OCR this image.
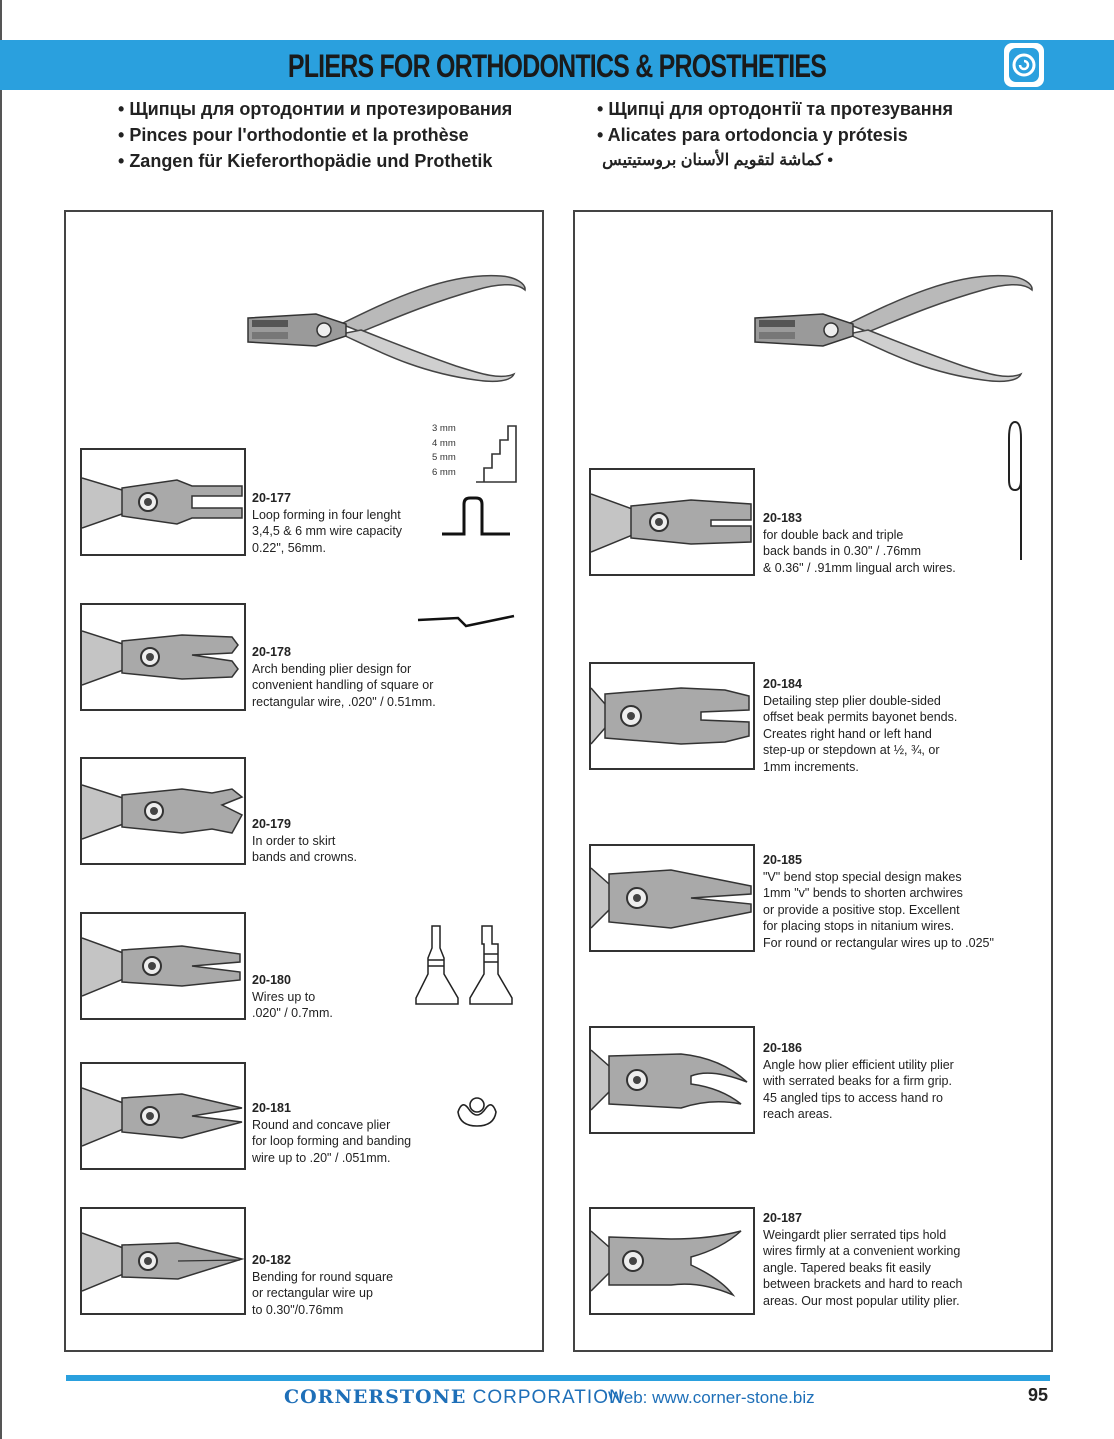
PLIERS FOR ORTHODONTICS & PROSTHETIES
• Щипцы для ортодонтии и протезирования
• Pinces pour l'orthodontie et la prothèse
• Zangen für Kieferorthopädie und Prothetik
• Щипці для ортодонтії та протезування
• Alicates para ortodoncia y prótesis
• كماشة لتقويم الأسنان بروستيتيس
3 mm
4 mm
5 mm
6 mm
20-177
Loop forming in four lenght
3,4,5 & 6 mm wire capacity
0.22", 56mm.
20-178
Arch bending plier design for
convenient handling of square or
rectangular wire, .020" / 0.51mm.
20-179
In order to skirt
bands and crowns.
20-180
Wires up to
.020" / 0.7mm.
20-181
Round and concave plier
for loop forming and banding
wire up to .20" / .051mm.
20-182
Bending for round square
or rectangular wire up
to 0.30"/0.76mm
20-183
for double back and triple
back bands in 0.30" / .76mm
& 0.36" / .91mm lingual arch wires.
20-184
Detailing step plier double-sided
offset beak permits bayonet bends.
Creates right hand or left hand
step-up or stepdown at ½, ¾, or
1mm increments.
20-185
"V" bend stop special design makes
1mm "v" bends to shorten archwires
or provide a positive stop. Excellent
for placing stops in nitanium wires.
For round or rectangular wires up to .025"
20-186
Angle how plier efficient utility plier
with serrated beaks for a firm grip.
45 angled tips to access hand ro
reach areas.
20-187
Weingardt plier serrated tips hold
wires firmly at a convenient working
angle. Tapered beaks fit easily
between brackets and hard to reach
areas. Our most popular utility plier.
CORNERSTONE CORPORATION
Web: www.corner-stone.biz	95
